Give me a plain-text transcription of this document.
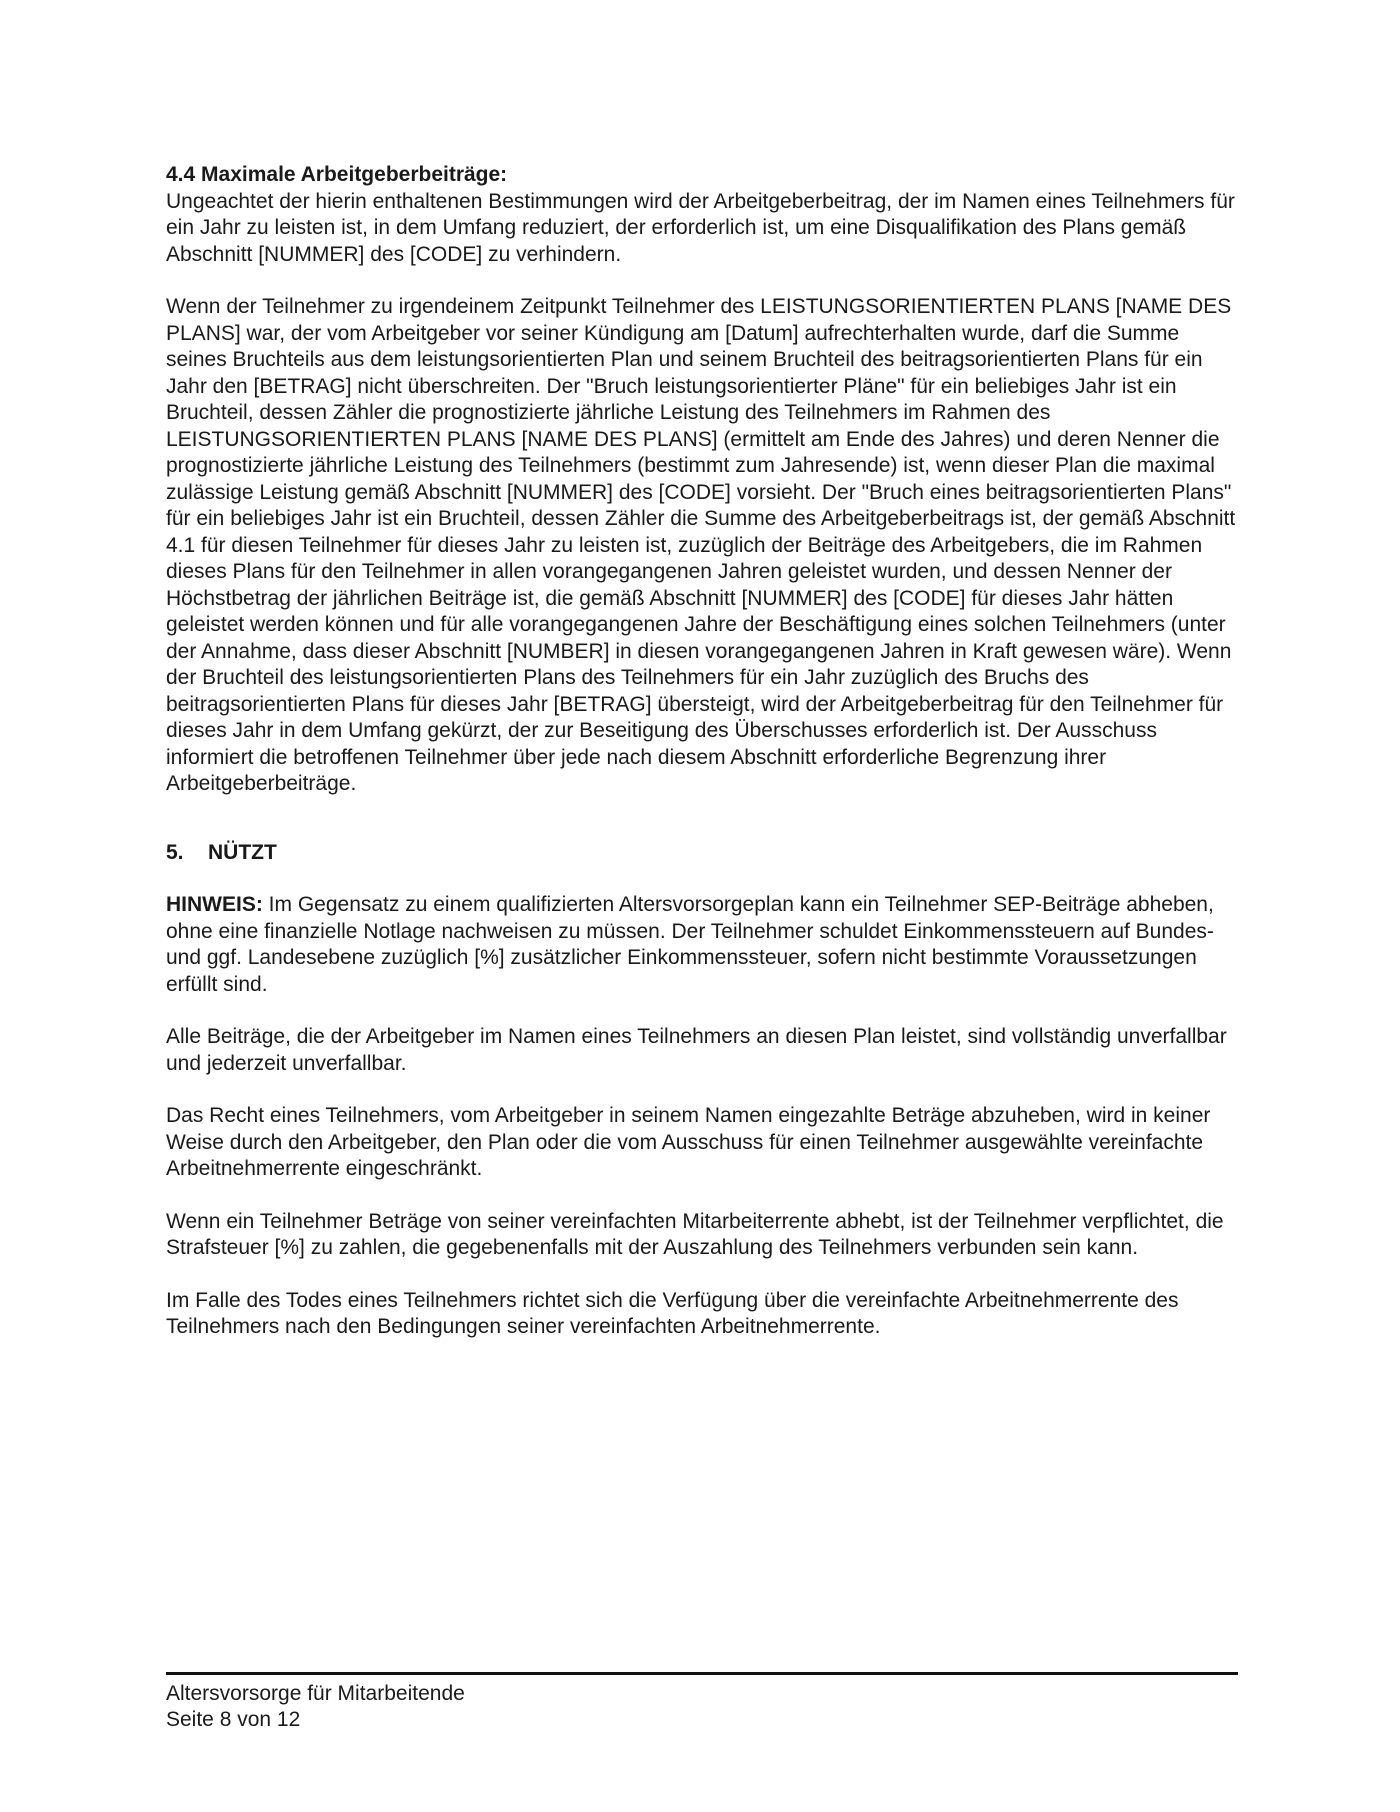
4.4 Maximale Arbeitgeberbeiträge:

Ungeachtet der hierin enthaltenen Bestimmungen wird der Arbeitgeberbeitrag, der im Namen eines Teilnehmers für ein Jahr zu leisten ist, in dem Umfang reduziert, der erforderlich ist, um eine Disqualifikation des Plans gemäß Abschnitt [NUMMER] des [CODE] zu verhindern.

Wenn der Teilnehmer zu irgendeinem Zeitpunkt Teilnehmer des LEISTUNGSORIENTIERTEN PLANS [NAME DES PLANS] war, der vom Arbeitgeber vor seiner Kündigung am [Datum] aufrechterhalten wurde, darf die Summe seines Bruchteils aus dem leistungsorientierten Plan und seinem Bruchteil des beitragsorientierten Plans für ein Jahr den [BETRAG] nicht überschreiten. Der "Bruch leistungsorientierter Pläne" für ein beliebiges Jahr ist ein Bruchteil, dessen Zähler die prognostizierte jährliche Leistung des Teilnehmers im Rahmen des LEISTUNGSORIENTIERTEN PLANS [NAME DES PLANS] (ermittelt am Ende des Jahres) und deren Nenner die prognostizierte jährliche Leistung des Teilnehmers (bestimmt zum Jahresende) ist, wenn dieser Plan die maximal zulässige Leistung gemäß Abschnitt [NUMMER] des [CODE] vorsieht. Der "Bruch eines beitragsorientierten Plans" für ein beliebiges Jahr ist ein Bruchteil, dessen Zähler die Summe des Arbeitgeberbeitrags ist, der gemäß Abschnitt 4.1 für diesen Teilnehmer für dieses Jahr zu leisten ist, zuzüglich der Beiträge des Arbeitgebers, die im Rahmen dieses Plans für den Teilnehmer in allen vorangegangenen Jahren geleistet wurden, und dessen Nenner der Höchstbetrag der jährlichen Beiträge ist, die gemäß Abschnitt [NUMMER] des [CODE] für dieses Jahr hätten geleistet werden können und für alle vorangegangenen Jahre der Beschäftigung eines solchen Teilnehmers (unter der Annahme, dass dieser Abschnitt [NUMBER] in diesen vorangegangenen Jahren in Kraft gewesen wäre). Wenn der Bruchteil des leistungsorientierten Plans des Teilnehmers für ein Jahr zuzüglich des Bruchs des beitragsorientierten Plans für dieses Jahr [BETRAG] übersteigt, wird der Arbeitgeberbeitrag für den Teilnehmer für dieses Jahr in dem Umfang gekürzt, der zur Beseitigung des Überschusses erforderlich ist. Der Ausschuss informiert die betroffenen Teilnehmer über jede nach diesem Abschnitt erforderliche Begrenzung ihrer Arbeitgeberbeiträge.

5.	NÜTZT

HINWEIS: Im Gegensatz zu einem qualifizierten Altersvorsorgeplan kann ein Teilnehmer SEP-Beiträge abheben, ohne eine finanzielle Notlage nachweisen zu müssen. Der Teilnehmer schuldet Einkommenssteuern auf Bundes- und ggf. Landesebene zuzüglich [%] zusätzlicher Einkommenssteuer, sofern nicht bestimmte Voraussetzungen erfüllt sind.

Alle Beiträge, die der Arbeitgeber im Namen eines Teilnehmers an diesen Plan leistet, sind vollständig unverfallbar und jederzeit unverfallbar.

Das Recht eines Teilnehmers, vom Arbeitgeber in seinem Namen eingezahlte Beträge abzuheben, wird in keiner Weise durch den Arbeitgeber, den Plan oder die vom Ausschuss für einen Teilnehmer ausgewählte vereinfachte Arbeitnehmerrente eingeschränkt.

Wenn ein Teilnehmer Beträge von seiner vereinfachten Mitarbeiterrente abhebt, ist der Teilnehmer verpflichtet, die Strafsteuer [%] zu zahlen, die gegebenenfalls mit der Auszahlung des Teilnehmers verbunden sein kann.

Im Falle des Todes eines Teilnehmers richtet sich die Verfügung über die vereinfachte Arbeitnehmerrente des Teilnehmers nach den Bedingungen seiner vereinfachten Arbeitnehmerrente.

Altersvorsorge für Mitarbeitende
Seite 8 von 12
